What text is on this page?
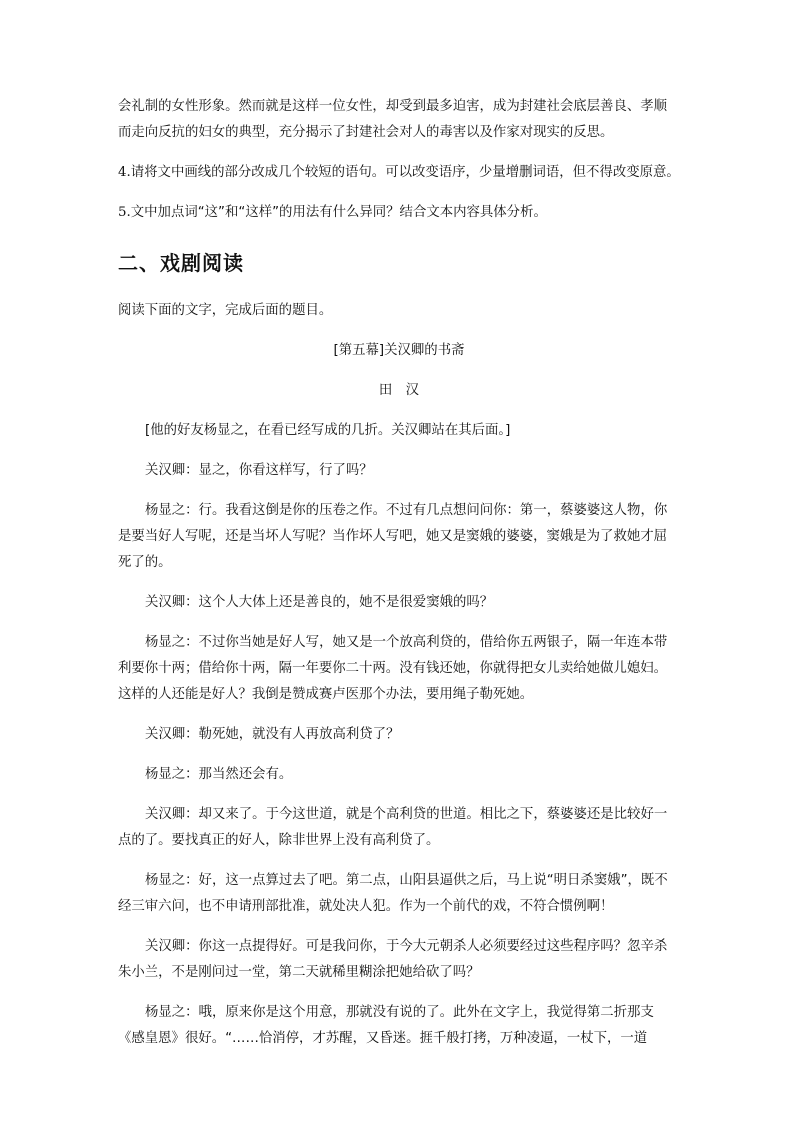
会礼制的女性形象。然而就是这样一位女性，却受到最多迫害，成为封建社会底层善良、孝顺而走向反抗的妇女的典型，充分揭示了封建社会对人的毒害以及作家对现实的反思。

4.请将文中画线的部分改成几个较短的语句。可以改变语序，少量增删词语，但不得改变原意。

5.文中加点词“这”和“这样”的用法有什么异同？结合文本内容具体分析。

二、戏剧阅读

阅读下面的文字，完成后面的题目。

[第五幕]关汉卿的书斋

田　汉

[他的好友杨显之，在看已经写成的几折。关汉卿站在其后面。]

关汉卿：显之，你看这样写，行了吗？

杨显之：行。我看这倒是你的压卷之作。不过有几点想问问你：第一，蔡婆婆这人物，你是要当好人写呢，还是当坏人写呢？当作坏人写吧，她又是窦娥的婆婆，窦娥是为了救她才屈死了的。

关汉卿：这个人大体上还是善良的，她不是很爱窦娥的吗？

杨显之：不过你当她是好人写，她又是一个放高利贷的，借给你五两银子，隔一年连本带利要你十两；借给你十两，隔一年要你二十两。没有钱还她，你就得把女儿卖给她做儿媳妇。这样的人还能是好人？我倒是赞成赛卢医那个办法，要用绳子勒死她。

关汉卿：勒死她，就没有人再放高利贷了？

杨显之：那当然还会有。

关汉卿：却又来了。于今这世道，就是个高利贷的世道。相比之下，蔡婆婆还是比较好一点的了。要找真正的好人，除非世界上没有高利贷了。

杨显之：好，这一点算过去了吧。第二点，山阳县逼供之后，马上说“明日杀窦娥”，既不经三审六问，也不申请刑部批准，就处决人犯。作为一个前代的戏，不符合惯例啊！

关汉卿：你这一点提得好。可是我问你，于今大元朝杀人必须要经过这些程序吗？忽辛杀朱小兰，不是刚问过一堂，第二天就稀里糊涂把她给砍了吗？

杨显之：哦，原来你是这个用意，那就没有说的了。此外在文字上，我觉得第二折那支《感皇恩》很好。“……恰消停，才苏醒，又昏迷。捱千般打拷，万种凌逼，一杖下，一道
